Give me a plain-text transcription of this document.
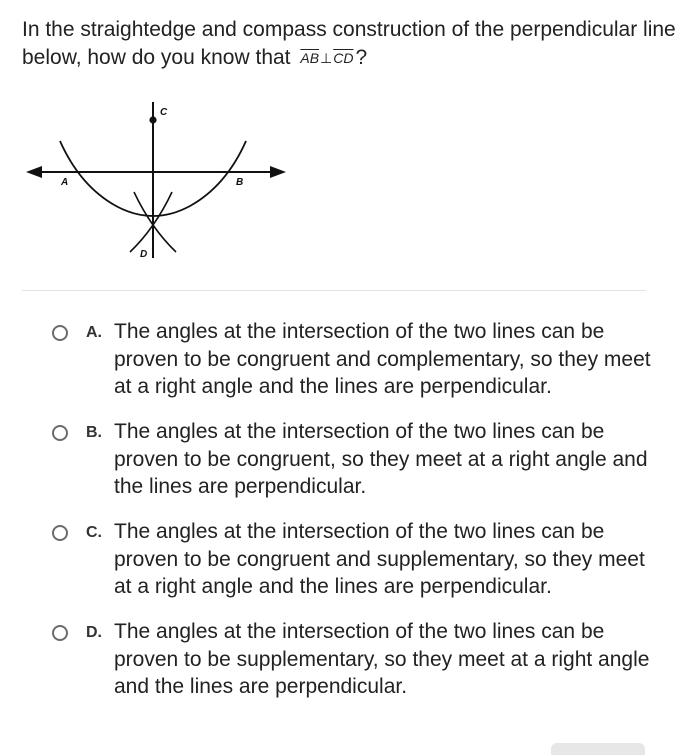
In the straightedge and compass construction of the perpendicular line below, how do you know that $\overline{AB}\perp\overline{CD}$?
A	B
C
D
A. The angles at the intersection of the two lines can be proven to be congruent and complementary, so they meet at a right angle and the lines are perpendicular.
B. The angles at the intersection of the two lines can be proven to be congruent, so they meet at a right angle and the lines are perpendicular.
C. The angles at the intersection of the two lines can be proven to be congruent and supplementary, so they meet at a right angle and the lines are perpendicular.
D. The angles at the intersection of the two lines can be proven to be supplementary, so they meet at a right angle and the lines are perpendicular.
